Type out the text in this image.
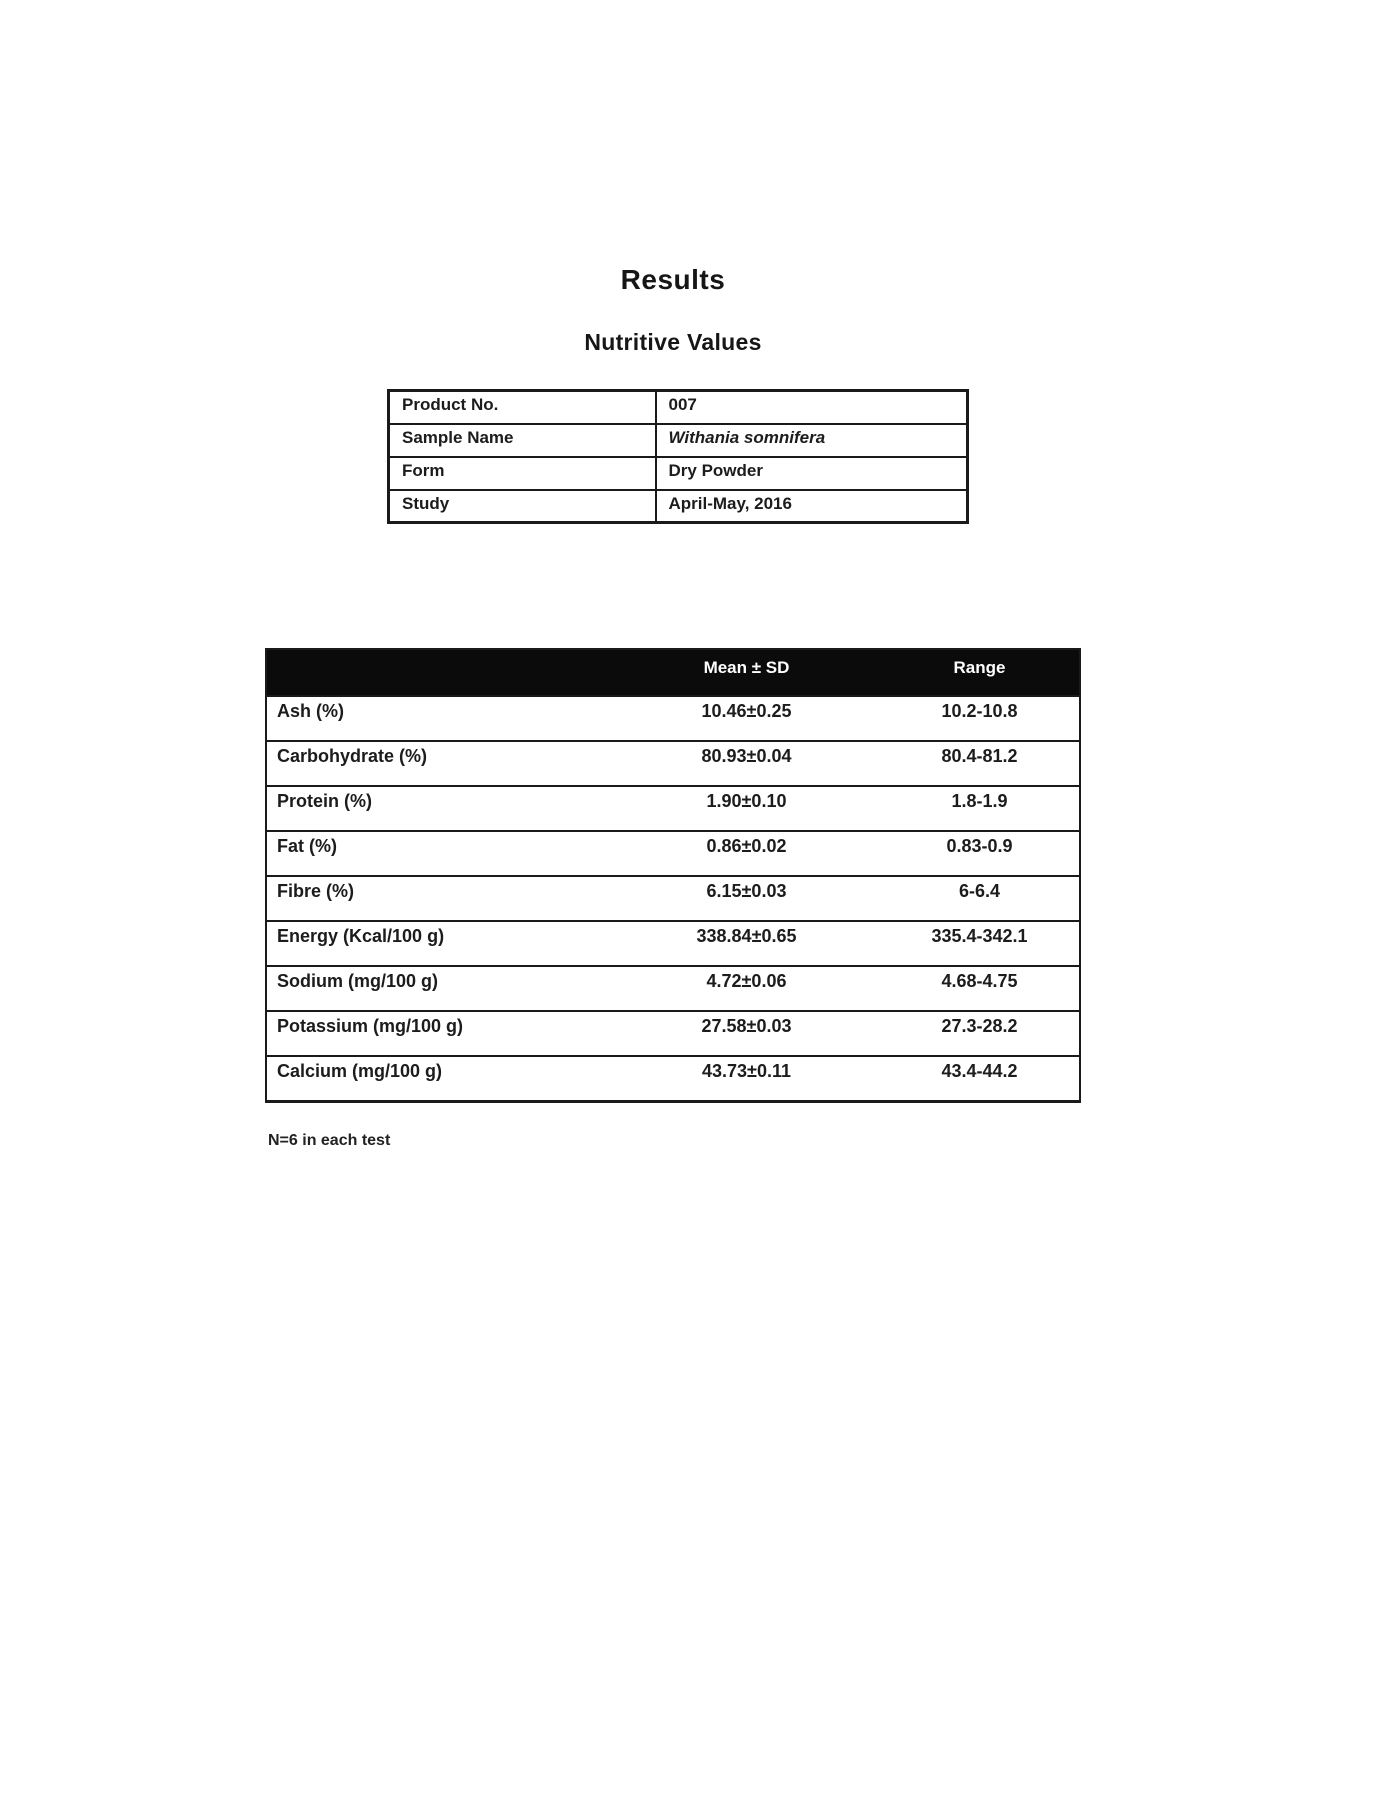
Results
Nutritive Values
Product No.	007
Sample Name	Withania somnifera
Form	Dry Powder
Study	April-May, 2016
	Mean ± SD	Range
Ash (%)	10.46±0.25	10.2-10.8
Carbohydrate (%)	80.93±0.04	80.4-81.2
Protein (%)	1.90±0.10	1.8-1.9
Fat (%)	0.86±0.02	0.83-0.9
Fibre (%)	6.15±0.03	6-6.4
Energy (Kcal/100 g)	338.84±0.65	335.4-342.1
Sodium (mg/100 g)	4.72±0.06	4.68-4.75
Potassium (mg/100 g)	27.58±0.03	27.3-28.2
Calcium (mg/100 g)	43.73±0.11	43.4-44.2
N=6 in each test
